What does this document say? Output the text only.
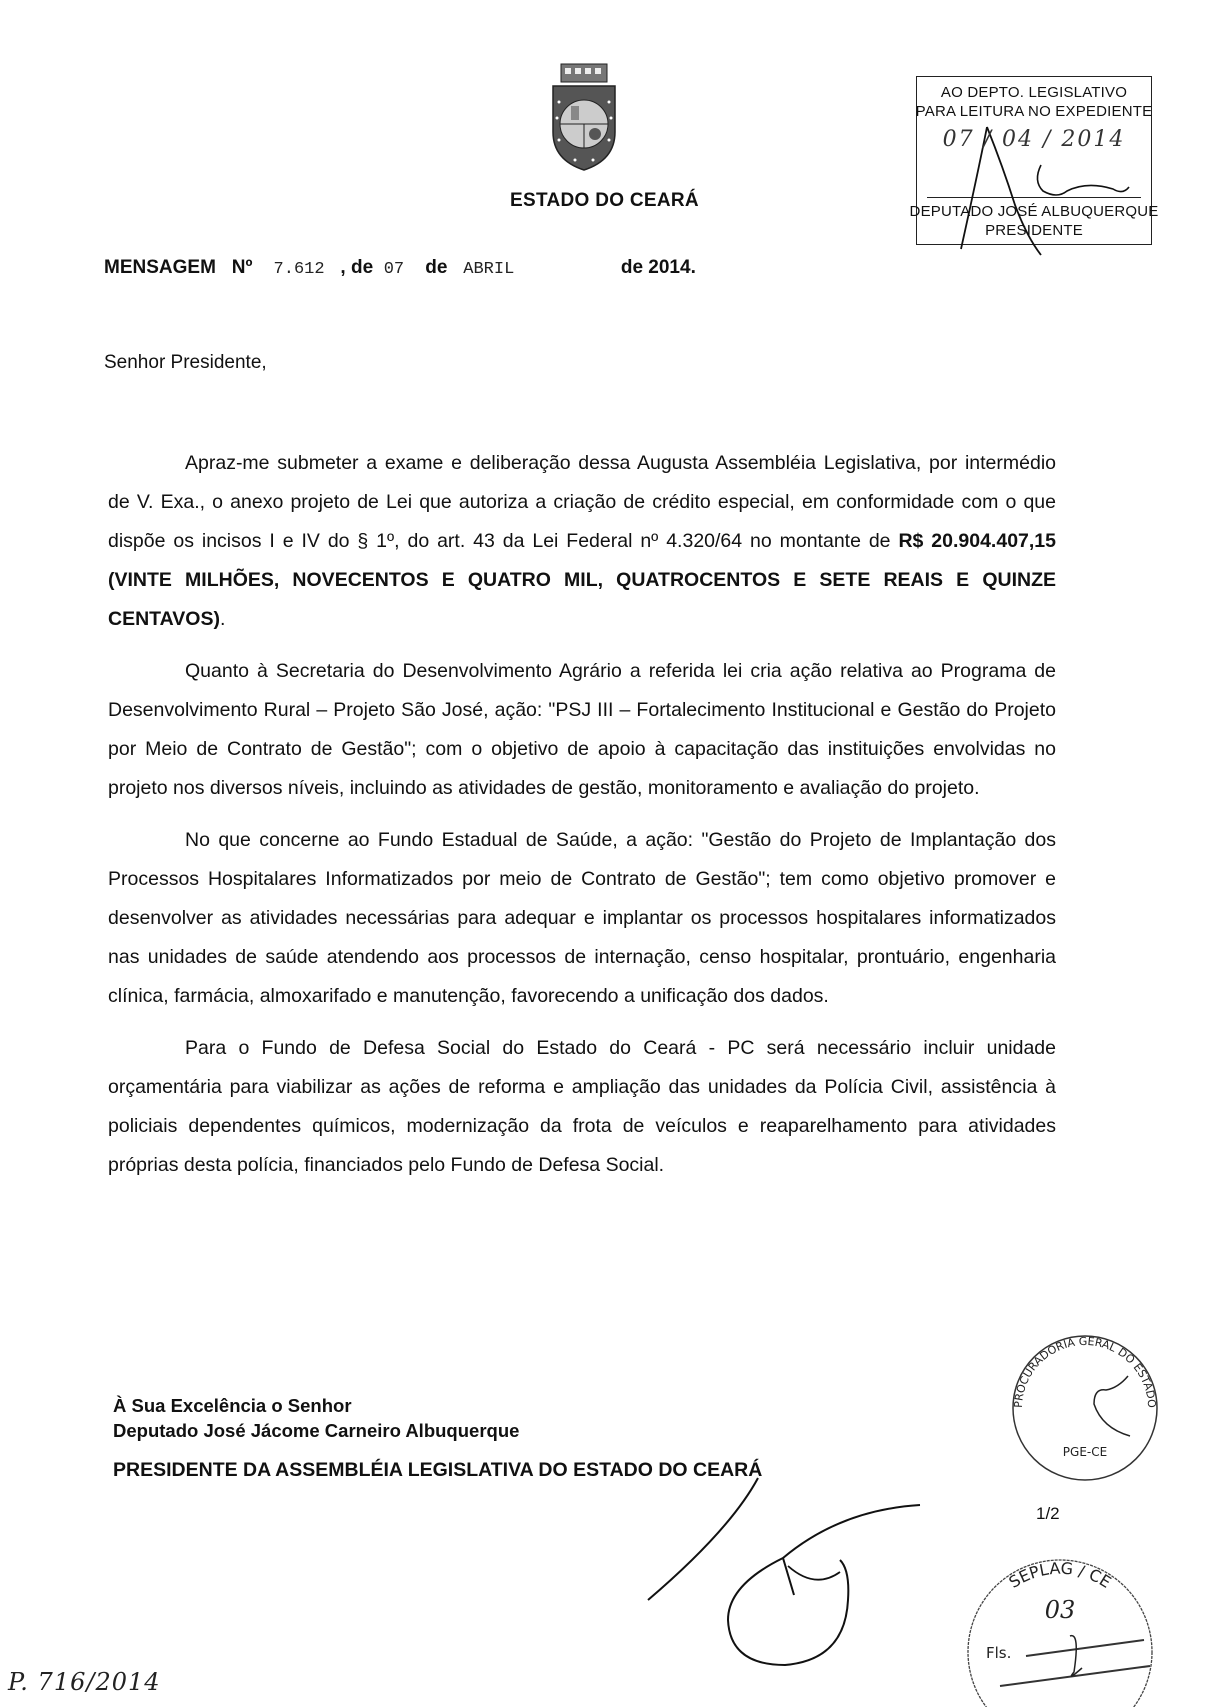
ESTADO DO CEARÁ
MENSAGEM Nº 7.612 , de 07 de ABRIL	de 2014.
AO DEPTO. LEGISLATIVO
PARA LEITURA NO EXPEDIENTE
07 / 04 / 2014
DEPUTADO JOSÉ ALBUQUERQUE
PRESIDENTE
Senhor Presidente,

Apraz-me submeter a exame e deliberação dessa Augusta Assembléia Legislativa, por intermédio de V. Exa., o anexo projeto de Lei que autoriza a criação de crédito especial, em conformidade com o que dispõe os incisos I e IV do § 1º, do art. 43 da Lei Federal nº 4.320/64 no montante de R$ 20.904.407,15 (VINTE MILHÕES, NOVECENTOS E QUATRO MIL, QUATROCENTOS E SETE REAIS E QUINZE CENTAVOS).

Quanto à Secretaria do Desenvolvimento Agrário a referida lei cria ação relativa ao Programa de Desenvolvimento Rural – Projeto São José, ação: "PSJ III – Fortalecimento Institucional e Gestão do Projeto por Meio de Contrato de Gestão"; com o objetivo de apoio à capacitação das instituições envolvidas no projeto nos diversos níveis, incluindo as atividades de gestão, monitoramento e avaliação do projeto.

No que concerne ao Fundo Estadual de Saúde, a ação: "Gestão do Projeto de Implantação dos Processos Hospitalares Informatizados por meio de Contrato de Gestão"; tem como objetivo promover e desenvolver as atividades necessárias para adequar e implantar os processos hospitalares informatizados nas unidades de saúde atendendo aos processos de internação, censo hospitalar, prontuário, engenharia clínica, farmácia, almoxarifado e manutenção, favorecendo a unificação dos dados.

Para o Fundo de Defesa Social do Estado do Ceará - PC será necessário incluir unidade orçamentária para viabilizar as ações de reforma e ampliação das unidades da Polícia Civil, assistência à policiais dependentes químicos, modernização da frota de veículos e reaparelhamento para atividades próprias desta polícia, financiados pelo Fundo de Defesa Social.

À Sua Excelência o Senhor
Deputado José Jácome Carneiro Albuquerque
PRESIDENTE DA ASSEMBLÉIA LEGISLATIVA DO ESTADO DO CEARÁ
PROCURADORIA GERAL DO ESTADO
PGE-CE
1/2
SEPLAG / CE
03
Fls.
P. 716/2014
